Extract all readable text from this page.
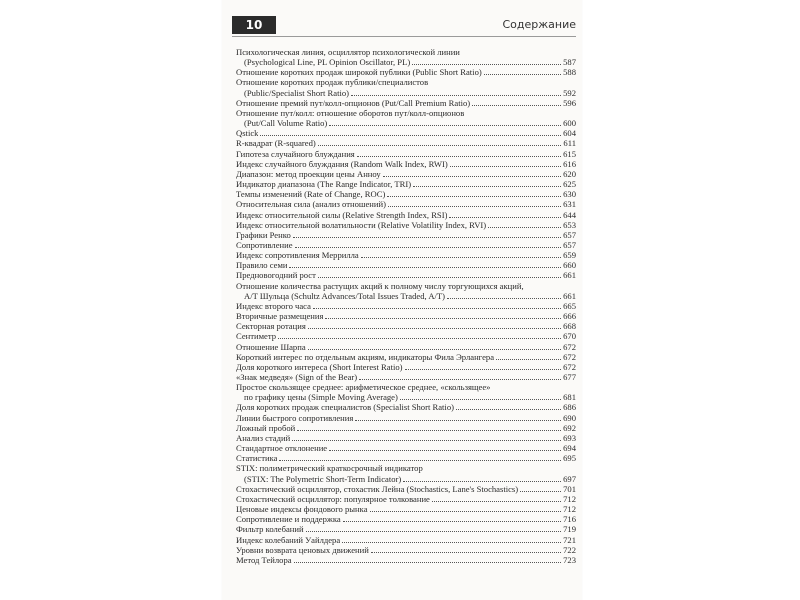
10	Содержание
Психологическая линия, осциллятор психологической линии
(Psychological Line, PL Opinion Oscillator, PL)	587
Отношение коротких продаж широкой публики (Public Short Ratio)	588
Отношение коротких продаж публики/специалистов
(Public/Specialist Short Ratio)	592
Отношение премий пут/колл-опционов (Put/Call Premium Ratio)	596
Отношение пут/колл: отношение оборотов пут/колл-опционов
(Put/Call Volume Ratio)	600
Qstick	604
R-квадрат (R-squared)	611
Гипотеза случайного блуждания	615
Индекс случайного блуждания (Random Walk Index, RWI)	616
Диапазон: метод проекции цены Анноу	620
Индикатор диапазона (The Range Indicator, TRI)	625
Темпы изменений (Rate of Change, ROC)	630
Относительная сила (анализ отношений)	631
Индекс относительной силы (Relative Strength Index, RSI)	644
Индекс относительной волатильности (Relative Volatility Index, RVI)	653
Графики Ренко	657
Сопротивление	657
Индекс сопротивления Меррилла	659
Правило семи	660
Предновогодний рост	661
Отношение количества растущих акций к полному числу торгующихся акций,
A/T Шульца (Schultz Advances/Total Issues Traded, A/T)	661
Индекс второго часа	665
Вторичные размещения	666
Секторная ротация	668
Сентиметр	670
Отношение Шарпа	672
Короткий интерес по отдельным акциям, индикаторы Фила Эрлангера	672
Доля короткого интереса (Short Interest Ratio)	672
«Знак медведя» (Sign of the Bear)	677
Простое скользящее среднее: арифметическое среднее, «скользящее»
по графику цены (Simple Moving Average)	681
Доля коротких продаж специалистов (Specialist Short Ratio)	686
Линии быстрого сопротивления	690
Ложный пробой	692
Анализ стадий	693
Стандартное отклонение	694
Статистика	695
STIX: полиметрический краткосрочный индикатор
(STIX: The Polymetric Short-Term Indicator)	697
Стохастический осциллятор, стохастик Лейна (Stochastics, Lane's Stochastics)	701
Стохастический осциллятор: популярное толкование	712
Ценовые индексы фондового рынка	712
Сопротивление и поддержка	716
Фильтр колебаний	719
Индекс колебаний Уайлдера	721
Уровни возврата ценовых движений	722
Метод Тейлора	723
